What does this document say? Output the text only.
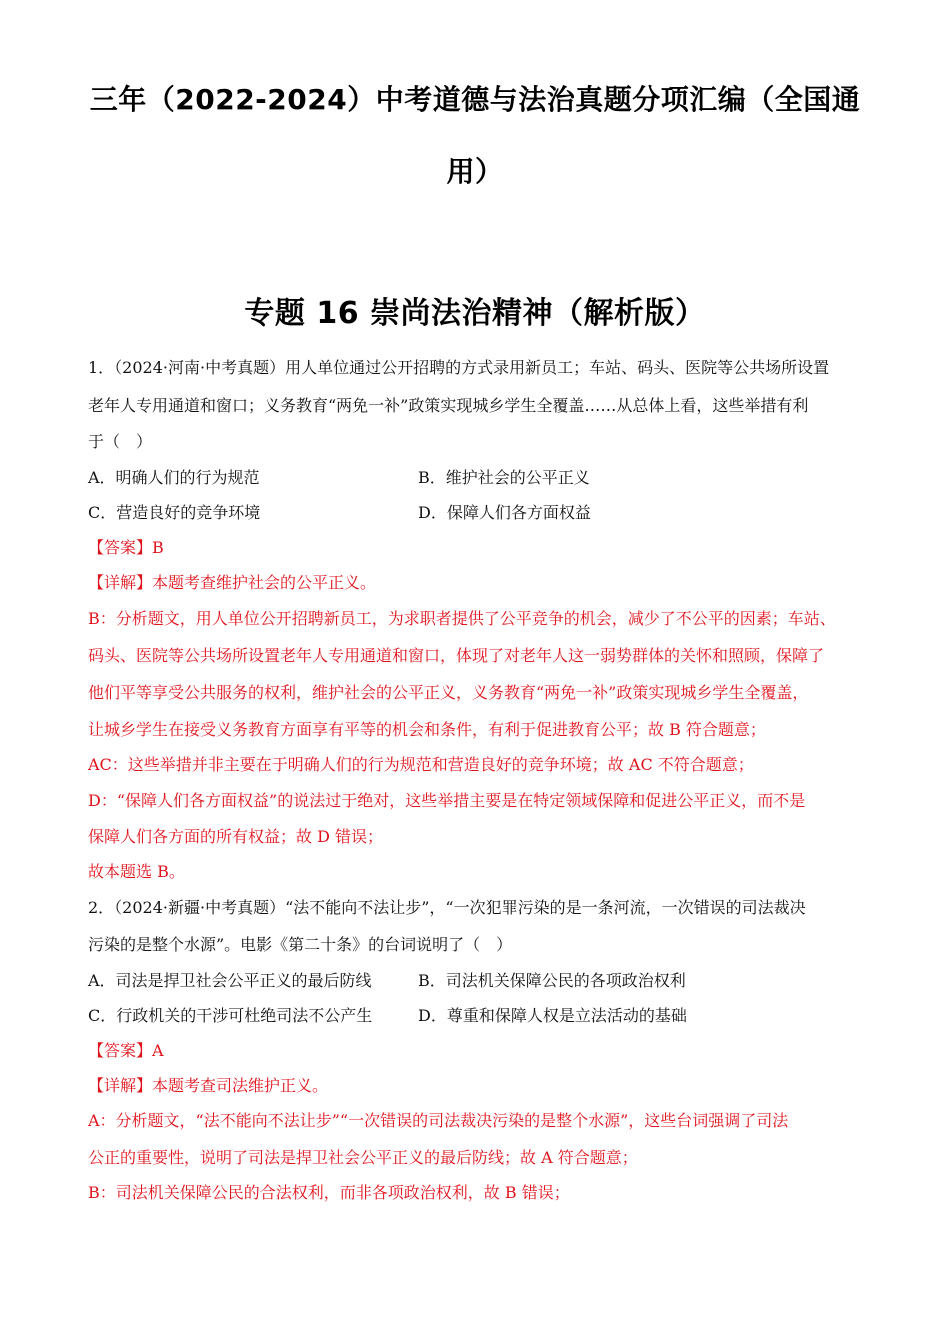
三年（2022-2024）中考道德与法治真题分项汇编（全国通
用）
专题 16 崇尚法治精神（解析版）
1．（2024·河南·中考真题）用人单位通过公开招聘的方式录用新员工；车站、码头、医院等公共场所设置
老年人专用通道和窗口；义务教育“两免一补”政策实现城乡学生全覆盖……从总体上看，这些举措有利
于（　）
A．明确人们的行为规范	B．维护社会的公平正义
C．营造良好的竞争环境	D．保障人们各方面权益
【答案】B
【详解】本题考查维护社会的公平正义。
B：分析题文，用人单位公开招聘新员工，为求职者提供了公平竞争的机会，减少了不公平的因素；车站、
码头、医院等公共场所设置老年人专用通道和窗口，体现了对老年人这一弱势群体的关怀和照顾，保障了
他们平等享受公共服务的权利，维护社会的公平正义，义务教育“两免一补”政策实现城乡学生全覆盖，
让城乡学生在接受义务教育方面享有平等的机会和条件，有利于促进教育公平；故 B 符合题意；
AC：这些举措并非主要在于明确人们的行为规范和营造良好的竞争环境；故 AC 不符合题意；
D：“保障人们各方面权益”的说法过于绝对，这些举措主要是在特定领域保障和促进公平正义，而不是
保障人们各方面的所有权益；故 D 错误；
故本题选 B。
2．（2024·新疆·中考真题）“法不能向不法让步”，“一次犯罪污染的是一条河流，一次错误的司法裁决
污染的是整个水源”。电影《第二十条》的台词说明了（　）
A．司法是捍卫社会公平正义的最后防线	B．司法机关保障公民的各项政治权利
C．行政机关的干涉可杜绝司法不公产生	D．尊重和保障人权是立法活动的基础
【答案】A
【详解】本题考查司法维护正义。
A：分析题文，“法不能向不法让步”“一次错误的司法裁决污染的是整个水源”，这些台词强调了司法
公正的重要性，说明了司法是捍卫社会公平正义的最后防线；故 A 符合题意；
B：司法机关保障公民的合法权利，而非各项政治权利，故 B 错误；
